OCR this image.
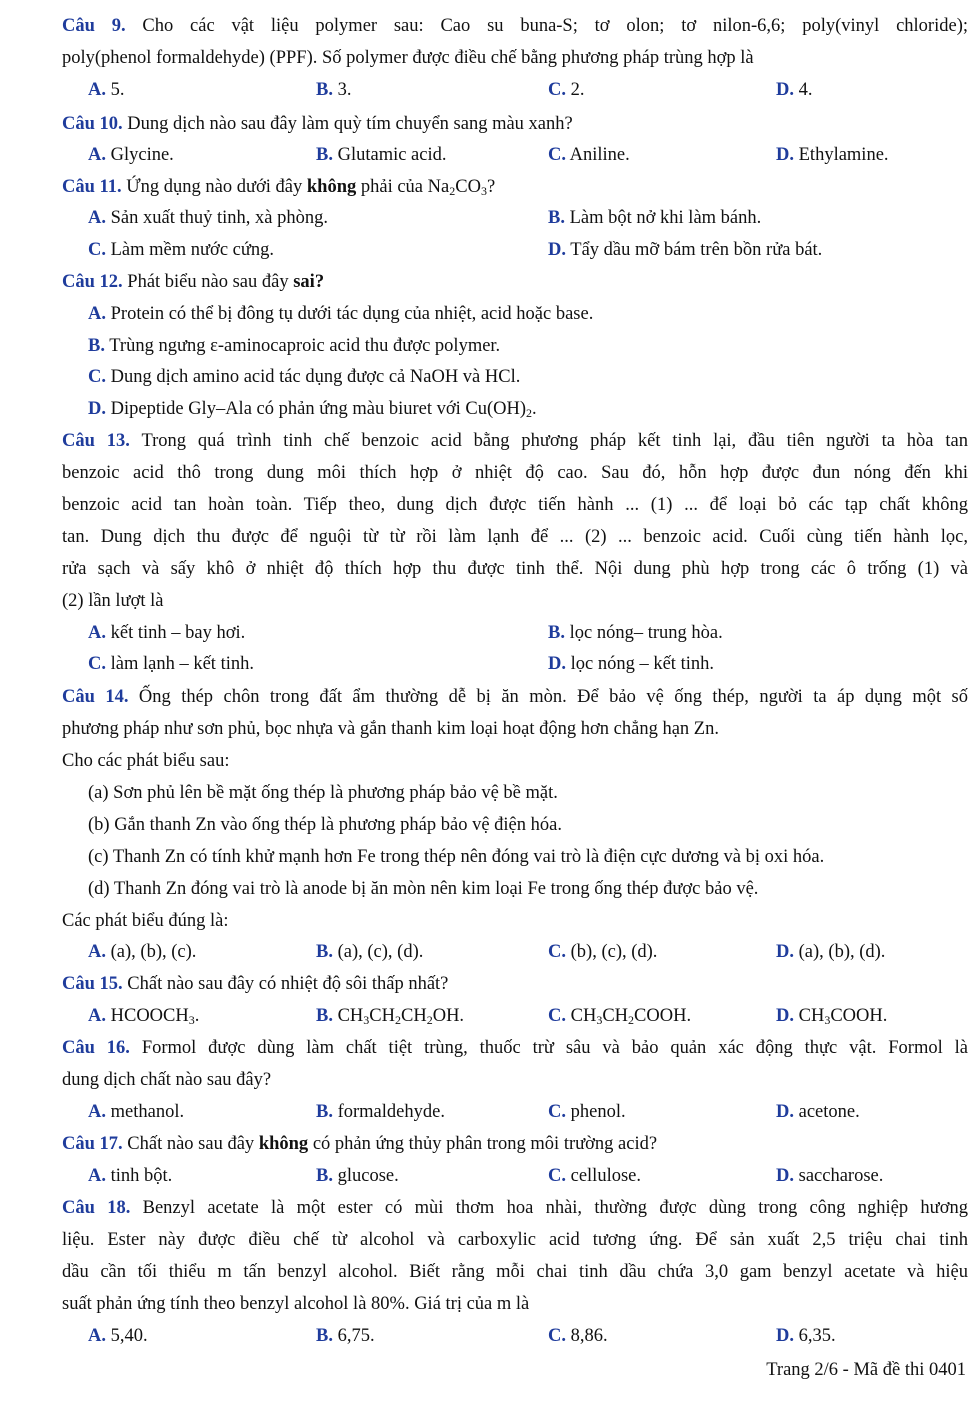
Câu 9. Cho các vật liệu polymer sau: Cao su buna-S; tơ olon; tơ nilon-6,6; poly(vinyl chloride);
poly(phenol formaldehyde) (PPF). Số polymer được điều chế bằng phương pháp trùng hợp là
A. 5.	B. 3.	C. 2.	D. 4.
Câu 10. Dung dịch nào sau đây làm quỳ tím chuyển sang màu xanh?
A. Glycine.	B. Glutamic acid.	C. Aniline.	D. Ethylamine.
Câu 11. Ứng dụng nào dưới đây không phải của $Na_2CO_3$?
A. Sản xuất thuỷ tinh, xà phòng.	B. Làm bột nở khi làm bánh.
C. Làm mềm nước cứng.	D. Tẩy dầu mỡ bám trên bồn rửa bát.
Câu 12. Phát biểu nào sau đây sai?
A. Protein có thể bị đông tụ dưới tác dụng của nhiệt, acid hoặc base.
B. Trùng ngưng ε-aminocaproic acid thu được polymer.
C. Dung dịch amino acid tác dụng được cả NaOH và HCl.
D. Dipeptide Gly–Ala có phản ứng màu biuret với $Cu(OH)_2$.
Câu 13. Trong quá trình tinh chế benzoic acid bằng phương pháp kết tinh lại, đầu tiên người ta hòa tan
benzoic acid thô trong dung môi thích hợp ở nhiệt độ cao. Sau đó, hỗn hợp được đun nóng đến khi
benzoic acid tan hoàn toàn. Tiếp theo, dung dịch được tiến hành ... (1) ... để loại bỏ các tạp chất không
tan. Dung dịch thu được để nguội từ từ rồi làm lạnh để ... (2) ... benzoic acid. Cuối cùng tiến hành lọc,
rửa sạch và sấy khô ở nhiệt độ thích hợp thu được tinh thể. Nội dung phù hợp trong các ô trống (1) và
(2) lần lượt là
A. kết tinh – bay hơi.	B. lọc nóng– trung hòa.
C. làm lạnh – kết tinh.	D. lọc nóng – kết tinh.
Câu 14. Ống thép chôn trong đất ẩm thường dễ bị ăn mòn. Để bảo vệ ống thép, người ta áp dụng một số
phương pháp như sơn phủ, bọc nhựa và gắn thanh kim loại hoạt động hơn chẳng hạn Zn.
Cho các phát biểu sau:
(a) Sơn phủ lên bề mặt ống thép là phương pháp bảo vệ bề mặt.
(b) Gắn thanh Zn vào ống thép là phương pháp bảo vệ điện hóa.
(c) Thanh Zn có tính khử mạnh hơn Fe trong thép nên đóng vai trò là điện cực dương và bị oxi hóa.
(d) Thanh Zn đóng vai trò là anode bị ăn mòn nên kim loại Fe trong ống thép được bảo vệ.
Các phát biểu đúng là:
A. (a), (b), (c).	B. (a), (c), (d).	C. (b), (c), (d).	D. (a), (b), (d).
Câu 15. Chất nào sau đây có nhiệt độ sôi thấp nhất?
A. $HCOOCH_3$.	B. $CH_3CH_2CH_2OH$.	C. $CH_3CH_2COOH$.	D. $CH_3COOH$.
Câu 16. Formol được dùng làm chất tiệt trùng, thuốc trừ sâu và bảo quản xác động thực vật. Formol là
dung dịch chất nào sau đây?
A. methanol.	B. formaldehyde.	C. phenol.	D. acetone.
Câu 17. Chất nào sau đây không có phản ứng thủy phân trong môi trường acid?
A. tinh bột.	B. glucose.	C. cellulose.	D. saccharose.
Câu 18. Benzyl acetate là một ester có mùi thơm hoa nhài, thường được dùng trong công nghiệp hương
liệu. Ester này được điều chế từ alcohol và carboxylic acid tương ứng. Để sản xuất 2,5 triệu chai tinh
dầu cần tối thiểu m tấn benzyl alcohol. Biết rằng mỗi chai tinh dầu chứa 3,0 gam benzyl acetate và hiệu
suất phản ứng tính theo benzyl alcohol là 80%. Giá trị của m là
A. 5,40.	B. 6,75.	C. 8,86.	D. 6,35.
Trang 2/6 - Mã đề thi 0401
